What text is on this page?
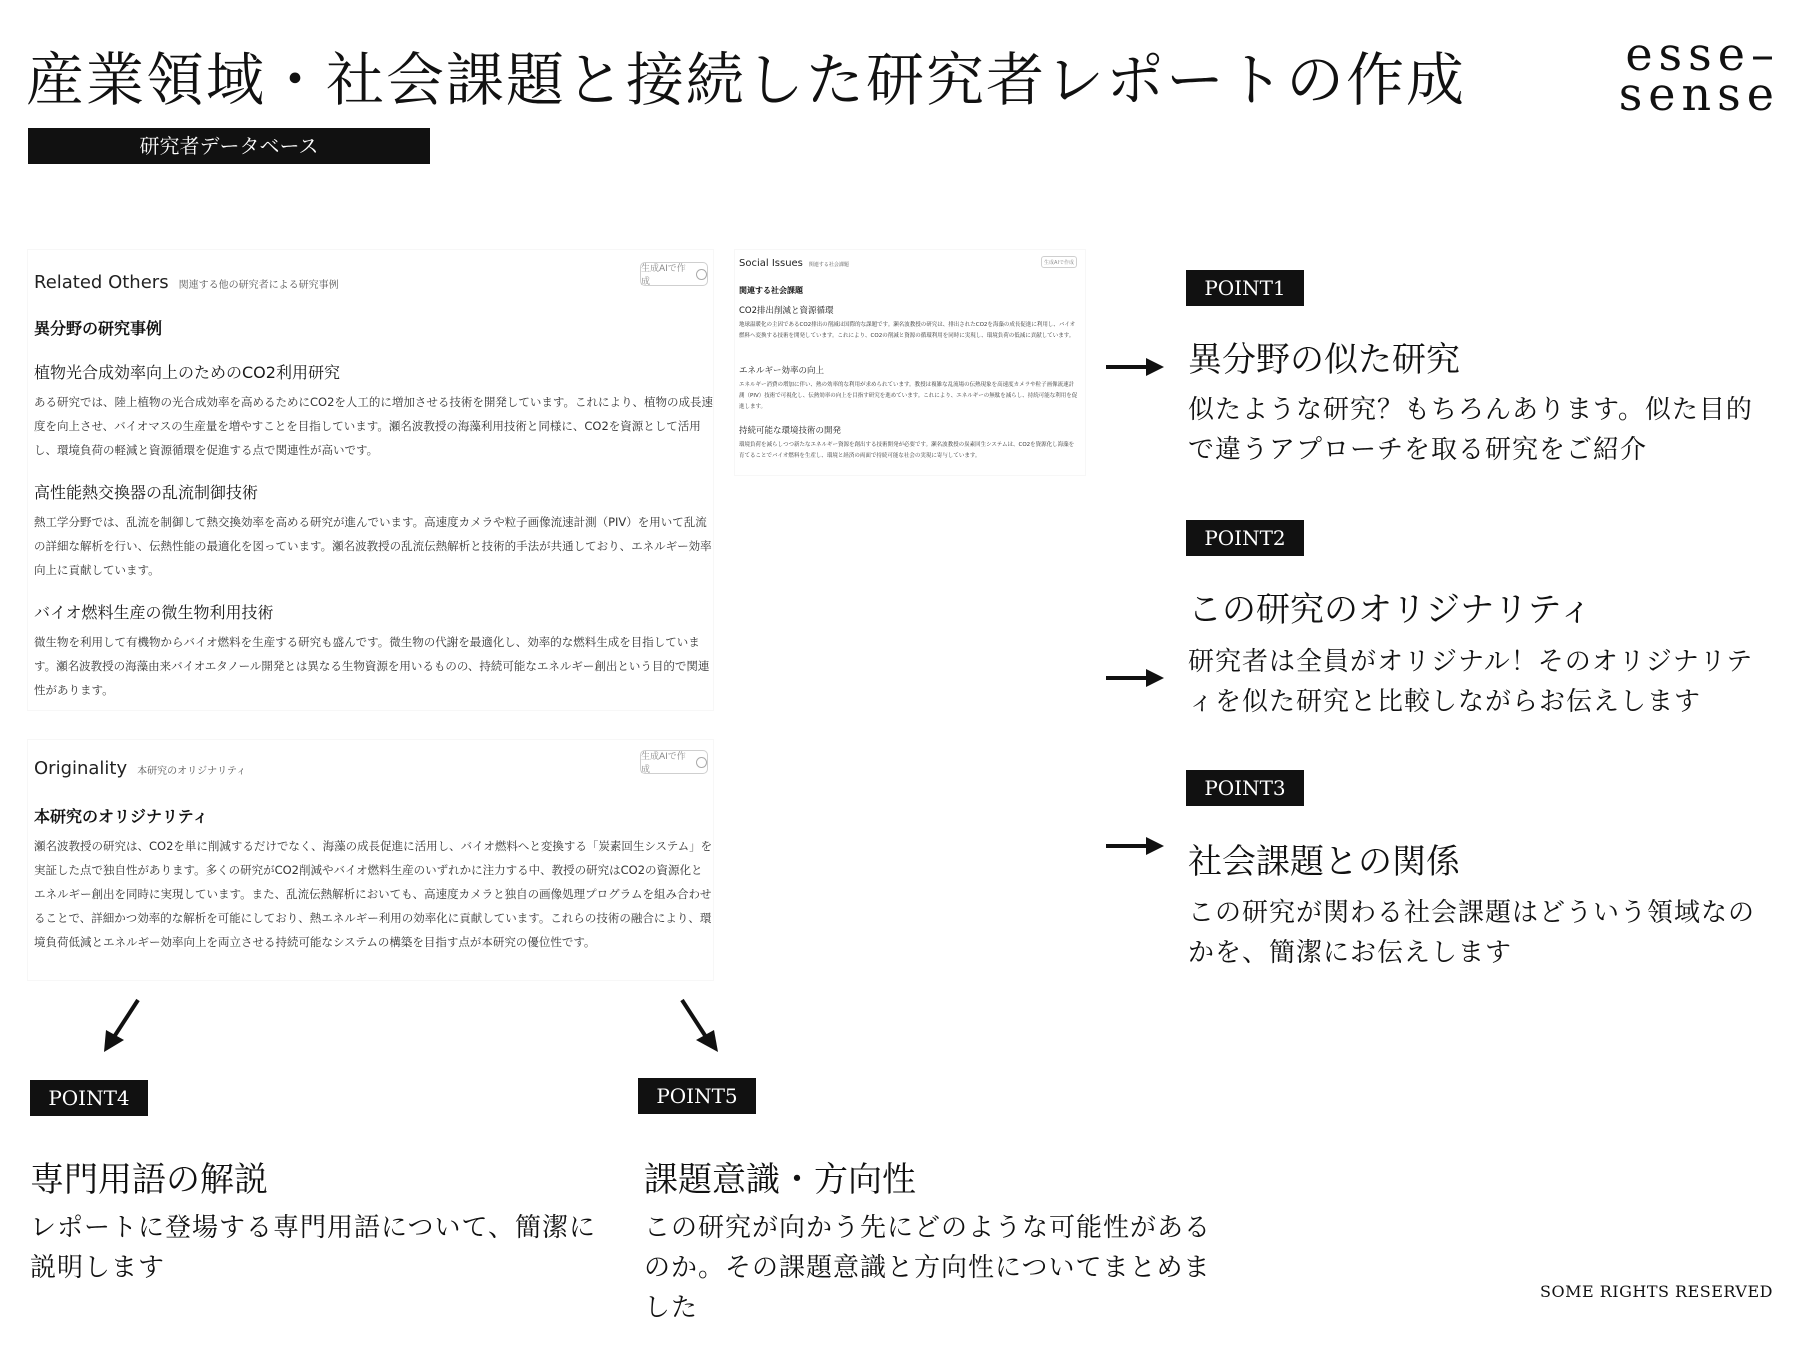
産業領域・社会課題と接続した研究者レポートの作成	esse–
sense
研究者データベース
Related Others 関連する他の研究者による研究事例
生成AIで作成
異分野の研究事例
植物光合成効率向上のためのCO2利用研究
ある研究では、陸上植物の光合成効率を高めるためにCO2を人工的に増加させる技術を開発しています。これにより、植物の成長速度を向上させ、バイオマスの生産量を増やすことを目指しています。瀬名波教授の海藻利用技術と同様に、CO2を資源として活用し、環境負荷の軽減と資源循環を促進する点で関連性が高いです。
高性能熱交換器の乱流制御技術
熱工学分野では、乱流を制御して熱交換効率を高める研究が進んでいます。高速度カメラや粒子画像流速計測（PIV）を用いて乱流の詳細な解析を行い、伝熱性能の最適化を図っています。瀬名波教授の乱流伝熱解析と技術的手法が共通しており、エネルギー効率向上に貢献しています。
バイオ燃料生産の微生物利用技術
微生物を利用して有機物からバイオ燃料を生産する研究も盛んです。微生物の代謝を最適化し、効率的な燃料生成を目指しています。瀬名波教授の海藻由来バイオエタノール開発とは異なる生物資源を用いるものの、持続可能なエネルギー創出という目的で関連性があります。
Originality 本研究のオリジナリティ
生成AIで作成
本研究のオリジナリティ
瀬名波教授の研究は、CO2を単に削減するだけでなく、海藻の成長促進に活用し、バイオ燃料へと変換する「炭素回生システム」を実証した点で独自性があります。多くの研究がCO2削減やバイオ燃料生産のいずれかに注力する中、教授の研究はCO2の資源化とエネルギー創出を同時に実現しています。また、乱流伝熱解析においても、高速度カメラと独自の画像処理プログラムを組み合わせることで、詳細かつ効率的な解析を可能にしており、熱エネルギー利用の効率化に貢献しています。これらの技術の融合により、環境負荷低減とエネルギー効率向上を両立させる持続可能なシステムの構築を目指す点が本研究の優位性です。
Social Issues 関連する社会課題	生成AIで作成
関連する社会課題
CO2排出削減と資源循環
地球温暖化の主因であるCO2排出の削減は国際的な課題です。瀬名波教授の研究は、排出されたCO2を海藻の成長促進に利用し、バイオ燃料へ変換する技術を開発しています。これにより、CO2の削減と資源の循環利用を同時に実現し、環境負荷の低減に貢献しています。
エネルギー効率の向上
エネルギー消費の増加に伴い、熱の効率的な利用が求められています。教授は複雑な乱流場の伝熱現象を高速度カメラや粒子画像流速計測（PIV）技術で可視化し、伝熱効率の向上を目指す研究を進めています。これにより、エネルギーの無駄を減らし、持続可能な利用を促進します。
持続可能な環境技術の開発
環境負荷を減らしつつ新たなエネルギー資源を創出する技術開発が必要です。瀬名波教授の炭素回生システムは、CO2を資源化し海藻を育てることでバイオ燃料を生産し、環境と経済の両面で持続可能な社会の実現に寄与しています。
POINT1
異分野の似た研究
似たような研究？もちろんあります。似た目的で違うアプローチを取る研究をご紹介
POINT2
この研究のオリジナリティ
研究者は全員がオリジナル！そのオリジナリティを似た研究と比較しながらお伝えします
POINT3
社会課題との関係
この研究が関わる社会課題はどういう領域なのかを、簡潔にお伝えします
POINT4
専門用語の解説
レポートに登場する専門用語について、簡潔に説明します
POINT5
課題意識・方向性
この研究が向かう先にどのような可能性があるのか。その課題意識と方向性についてまとめました
SOME RIGHTS RESERVED
